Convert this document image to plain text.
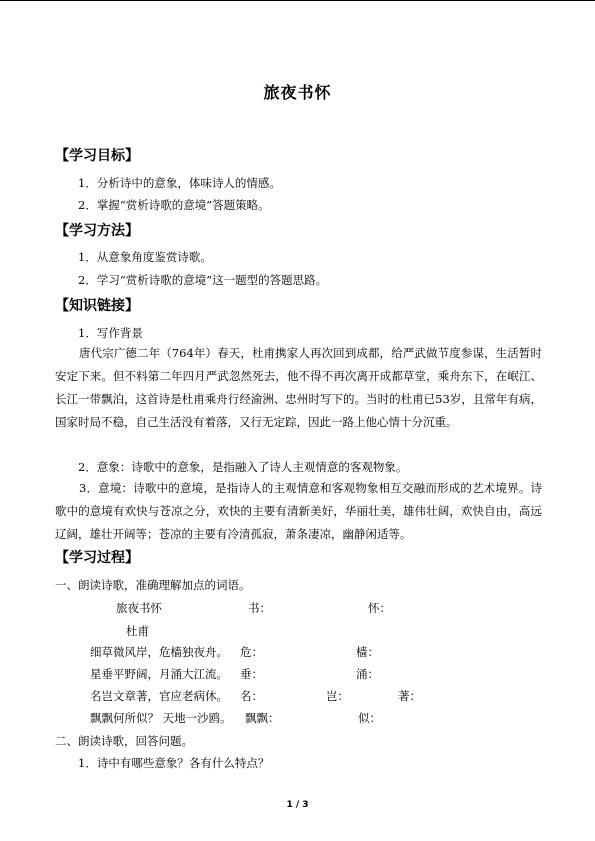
旅夜书怀
【学习目标】
1．分析诗中的意象，体味诗人的情感。
2．掌握“赏析诗歌的意境”答题策略。
【学习方法】
1．从意象角度鉴赏诗歌。
2．学习“赏析诗歌的意境”这一题型的答题思路。
【知识链接】
1．写作背景
唐代宗广德二年（764年）春天，杜甫携家人再次回到成都，给严武做节度参谋，生活暂时安定下来。但不料第二年四月严武忽然死去，他不得不再次离开成都草堂，乘舟东下，在岷江、长江一带飘泊，这首诗是杜甫乘舟行经渝洲、忠州时写下的。当时的杜甫已53岁，且常年有病，国家时局不稳，自己生活没有着落，又行无定踪，因此一路上他心情十分沉重。
2．意象：诗歌中的意象，是指融入了诗人主观情意的客观物象。
3．意境：诗歌中的意境，是指诗人的主观情意和客观物象相互交融而形成的艺术境界。诗歌中的意境有欢快与苍凉之分，欢快的主要有清新美好，华丽壮美，雄伟壮阔，欢快自由，高远辽阔，雄壮开阔等；苍凉的主要有冷清孤寂，萧条凄凉，幽静闲适等。
【学习过程】
一、朗读诗歌，准确理解加点的词语。
旅夜书怀	书：	怀：
杜甫
细草微风岸，危樯独夜舟。 危：	樯：
星垂平野阔，月涌大江流。 垂：	涌：
名岂文章著，官应老病休。 名：	岂：	著：
飘飘何所似？ 天地一沙鸥。 飘飘：	似：
二、朗读诗歌，回答问题。
1．诗中有哪些意象？各有什么特点？
1 / 3
